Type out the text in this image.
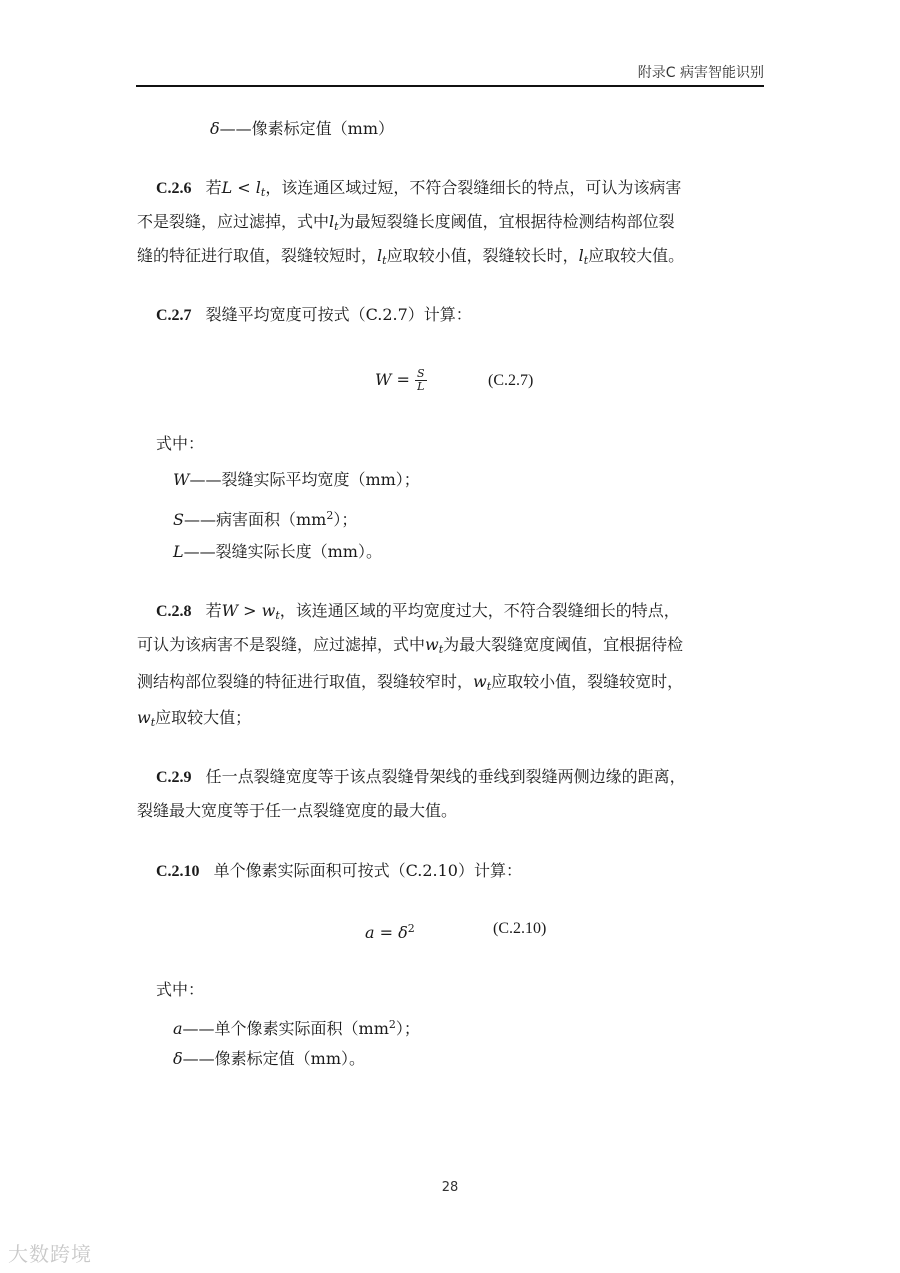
附录C 病害智能识别
δ——像素标定值（mm）
C.2.6 若$L < l_t$，该连通区域过短，不符合裂缝细长的特点，可认为该病害
不是裂缝，应过滤掉，式中$l_t$为最短裂缝长度阈值，宜根据待检测结构部位裂
缝的特征进行取值，裂缝较短时，$l_t$应取较小值，裂缝较长时，$l_t$应取较大值。
C.2.7 裂缝平均宽度可按式（C.2.7）计算：
$W = \frac{S}{L}$	(C.2.7)
式中：
W——裂缝实际平均宽度（mm）；
S——病害面积$(mm^2)$；
L——裂缝实际长度（mm）。
C.2.8 若$W > w_t$，该连通区域的平均宽度过大，不符合裂缝细长的特点，
可认为该病害不是裂缝，应过滤掉，式中$w_t$为最大裂缝宽度阈值，宜根据待检
测结构部位裂缝的特征进行取值，裂缝较窄时，$w_t$应取较小值，裂缝较宽时，
$w_t$应取较大值；
C.2.9 任一点裂缝宽度等于该点裂缝骨架线的垂线到裂缝两侧边缘的距离，
裂缝最大宽度等于任一点裂缝宽度的最大值。
C.2.10 单个像素实际面积可按式（C.2.10）计算：
$a = \delta^2$	(C.2.10)
式中：
a——单个像素实际面积$(mm^2)$；
δ——像素标定值（mm）。
28
大数跨境
